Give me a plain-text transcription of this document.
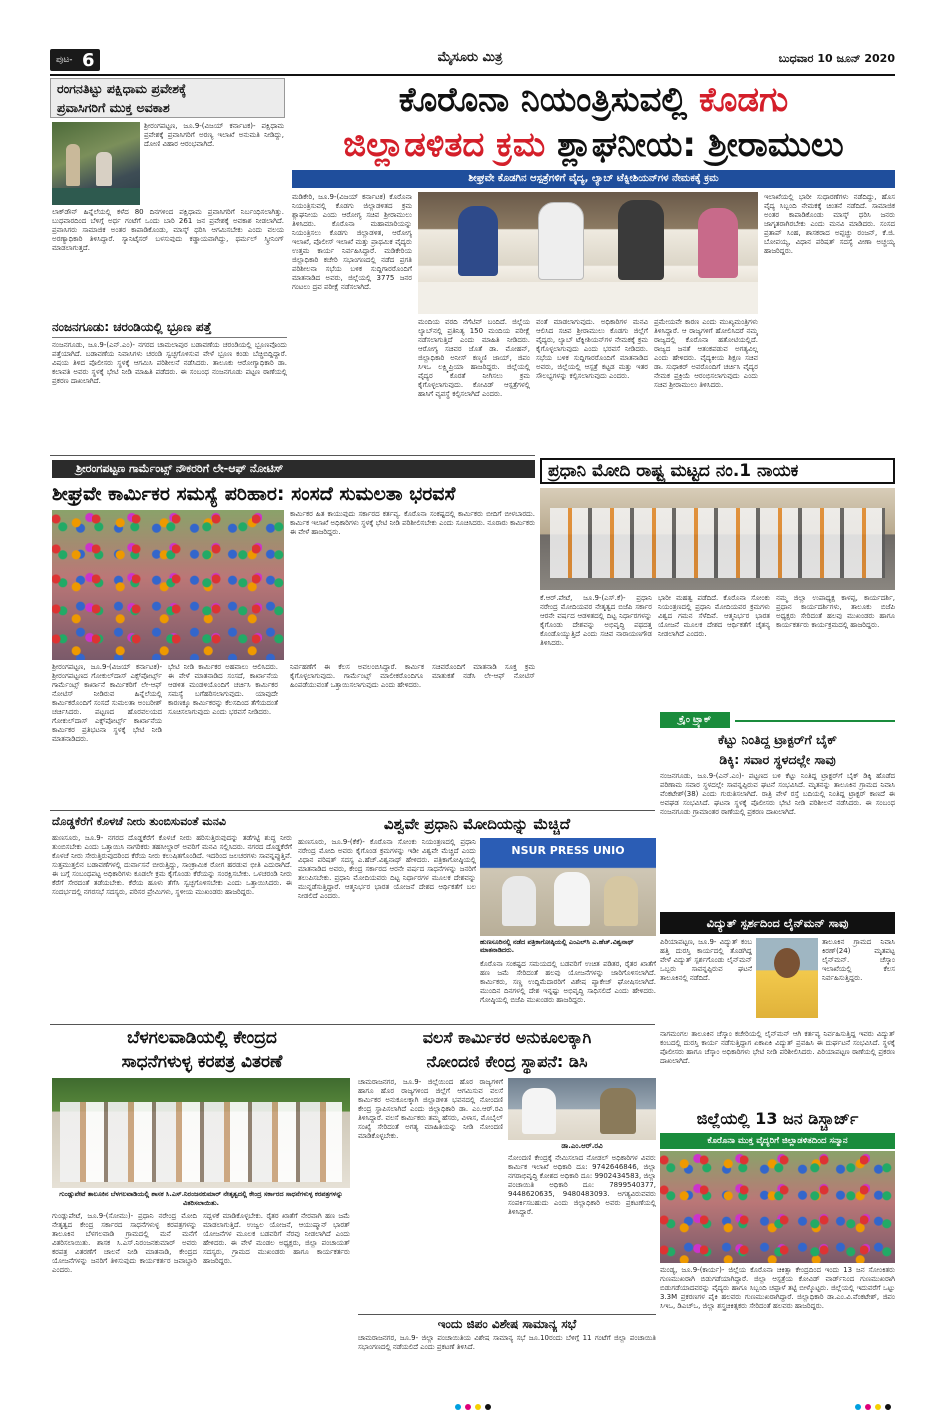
ಪುಟ- 6	ಮೈಸೂರು ಮಿತ್ರ	ಬುಧವಾರ 10 ಜೂನ್ 2020
ರಂಗನತಿಟ್ಟು ಪಕ್ಷಿಧಾಮ ಪ್ರವೇಶಕ್ಕೆ
ಪ್ರವಾಸಿಗರಿಗೆ ಮುಕ್ತ ಅವಕಾಶ
ಶ್ರೀರಂಗಪಟ್ಟಣ, ಜೂ.9-(ವಿಜಯ್ ಕರ್ನಾಟಕ)- ಪಕ್ಷಿಧಾಮ ಪ್ರವೇಶಕ್ಕೆ ಪ್ರವಾಸಿಗರಿಗೆ ಅರಣ್ಯ ಇಲಾಖೆ ಅನುಮತಿ ನೀಡಿದ್ದು, ದೋಣಿ ವಿಹಾರ ಆರಂಭವಾಗಿದೆ.
ಲಾಕ್‌ಡೌನ್ ಹಿನ್ನೆಲೆಯಲ್ಲಿ ಕಳೆದ 80 ದಿನಗಳಿಂದ ಪಕ್ಷಿಧಾಮ ಪ್ರವಾಸಿಗರಿಗೆ ನಿರ್ಬಂಧಿಸಲಾಗಿತ್ತು. ಬುಧವಾರದಿಂದ ಬೆಳಿಗ್ಗೆ ಅರ್ಧ ಗಂಟೆಗೆ ಒಂದು ಬಾರಿ 261 ಜನ ಪ್ರವೇಶಕ್ಕೆ ಅವಕಾಶ ನೀಡಲಾಗಿದೆ. ಪ್ರವಾಸಿಗರು ಸಾಮಾಜಿಕ ಅಂತರ ಕಾಪಾಡಿಕೊಂಡು, ಮಾಸ್ಕ್ ಧರಿಸಿ ಆಗಮಿಸಬೇಕು ಎಂದು ವಲಯ ಅರಣ್ಯಾಧಿಕಾರಿ ತಿಳಿಸಿದ್ದಾರೆ. ಸ್ಯಾನಿಟೈಸರ್ ಬಳಸುವುದು ಕಡ್ಡಾಯವಾಗಿದ್ದು, ಥರ್ಮಲ್ ಸ್ಕ್ರೀನಿಂಗ್ ಮಾಡಲಾಗುತ್ತದೆ.
ನಂಜನಗೂಡು: ಚರಂಡಿಯಲ್ಲಿ ಭ್ರೂಣ ಪತ್ತೆ
ನಂಜನಗೂಡು, ಜೂ.9-(ಎನ್.ಎಂ)- ನಗರದ ಚಾಮಲಾಪುರ ಬಡಾವಣೆಯ ಚರಂಡಿಯಲ್ಲಿ ಭ್ರೂಣವೊಂದು ಪತ್ತೆಯಾಗಿದೆ. ಬಡಾವಣೆಯ ನಿವಾಸಿಗಳು ಚರಂಡಿ ಸ್ವಚ್ಛಗೊಳಿಸುವ ವೇಳೆ ಭ್ರೂಣ ಕಂಡು ಬೆಚ್ಚಿಬಿದ್ದಿದ್ದಾರೆ. ವಿಷಯ ತಿಳಿದ ಪೊಲೀಸರು ಸ್ಥಳಕ್ಕೆ ಆಗಮಿಸಿ ಪರಿಶೀಲನೆ ನಡೆಸಿದರು. ತಾಲೂಕು ಆರೋಗ್ಯಾಧಿಕಾರಿ ಡಾ. ಕಲಾವತಿ ಅವರು ಸ್ಥಳಕ್ಕೆ ಭೇಟಿ ನೀಡಿ ಮಾಹಿತಿ ಪಡೆದರು. ಈ ಸಂಬಂಧ ನಂಜನಗೂಡು ಪಟ್ಟಣ ಠಾಣೆಯಲ್ಲಿ ಪ್ರಕರಣ ದಾಖಲಾಗಿದೆ.
ಕೊರೊನಾ ನಿಯಂತ್ರಿಸುವಲ್ಲಿ ಕೊಡಗು
ಜಿಲ್ಲಾಡಳಿತದ ಕ್ರಮ ಶ್ಲಾಘನೀಯ: ಶ್ರೀರಾಮುಲು
ಶೀಘ್ರವೇ ಕೊಡಗಿನ ಆಸ್ಪತ್ರೆಗಳಿಗೆ ವೈದ್ಯ, ಲ್ಯಾಬ್ ಟೆಕ್ನೀಶಿಯನ್‌ಗಳ ನೇಮಕಕ್ಕೆ ಕ್ರಮ
ಮಡಿಕೇರಿ, ಜೂ.9-(ವಿಜಯ್ ಕರ್ನಾಟಕ) ಕೊರೊನಾ ನಿಯಂತ್ರಿಸುವಲ್ಲಿ ಕೊಡಗು ಜಿಲ್ಲಾಡಳಿತದ ಕ್ರಮ ಶ್ಲಾಘನೀಯ ಎಂದು ಆರೋಗ್ಯ ಸಚಿವ ಶ್ರೀರಾಮುಲು ತಿಳಿಸಿದರು. ಕೊರೊನಾ ಮಹಾಮಾರಿಯನ್ನು ನಿಯಂತ್ರಿಸಲು ಕೊಡಗು ಜಿಲ್ಲಾಡಳಿತ, ಆರೋಗ್ಯ ಇಲಾಖೆ, ಪೊಲೀಸ್ ಇಲಾಖೆ ಮತ್ತು ಪ್ರಾಥಮಿಕ ವೈದ್ಯರು ಉತ್ತಮ ಕಾರ್ಯ ನಿರ್ವಹಿಸಿದ್ದಾರೆ. ಮಡಿಕೇರಿಯ ಜಿಲ್ಲಾಧಿಕಾರಿ ಕಚೇರಿ ಸಭಾಂಗಣದಲ್ಲಿ ನಡೆದ ಪ್ರಗತಿ ಪರಿಶೀಲನಾ ಸಭೆಯ ಬಳಿಕ ಸುದ್ದಿಗಾರರೊಂದಿಗೆ ಮಾತನಾಡಿದ ಅವರು, ಜಿಲ್ಲೆಯಲ್ಲಿ 3775 ಜನರ ಗಂಟಲು ದ್ರವ ಪರೀಕ್ಷೆ ನಡೆಸಲಾಗಿದೆ.
ಮಂದಿಯ ವರದಿ ನೆಗೆಟಿವ್ ಬಂದಿದೆ. ಜಿಲ್ಲೆಯ ಲ್ಯಾಬ್‌ನಲ್ಲಿ ಪ್ರತಿನಿತ್ಯ 150 ಮಂದಿಯ ಪರೀಕ್ಷೆ ನಡೆಸಲಾಗುತ್ತಿದೆ ಎಂದು ಮಾಹಿತಿ ನೀಡಿದರು. ಆರೋಗ್ಯ ಸಚಿವರ ಜೊತೆ ಡಾ. ಮೋಹನ್, ಜಿಲ್ಲಾಧಿಕಾರಿ ಅನೀಸ್ ಕಣ್ಮಣಿ ಜಾಯ್, ಜಿಪಂ ಸಿಇಒ ಲಕ್ಷ್ಮಿಪ್ರಿಯಾ ಹಾಜರಿದ್ದರು. ಜಿಲ್ಲೆಯಲ್ಲಿ ವೈದ್ಯರ ಕೊರತೆ ನೀಗಿಸಲು ಕ್ರಮ ಕೈಗೊಳ್ಳಲಾಗುವುದು. ಕೋವಿಡ್ ಆಸ್ಪತ್ರೆಗಳಲ್ಲಿ ಹಾಸಿಗೆ ವ್ಯವಸ್ಥೆ ಕಲ್ಪಿಸಲಾಗಿದೆ ಎಂದರು.
ವಂತೆ ಮಾಡಲಾಗುವುದು. ಅಧಿಕಾರಿಗಳ ಮನವಿ ಆಲಿಸಿದ ಸಚಿವ ಶ್ರೀರಾಮುಲು ಕೊಡಗು ಜಿಲ್ಲೆಗೆ ವೈದ್ಯರು, ಲ್ಯಾಬ್ ಟೆಕ್ನೀಶಿಯನ್‌ಗಳ ನೇಮಕಕ್ಕೆ ಕ್ರಮ ಕೈಗೊಳ್ಳಲಾಗುವುದು ಎಂದು ಭರವಸೆ ನೀಡಿದರು. ಸಭೆಯ ಬಳಿಕ ಸುದ್ದಿಗಾರರೊಂದಿಗೆ ಮಾತನಾಡಿದ ಅವರು, ಜಿಲ್ಲೆಯಲ್ಲಿ ಆಸ್ಪತ್ರೆ ಕಟ್ಟಡ ಮತ್ತು ಇತರ ಸೌಲಭ್ಯಗಳನ್ನು ಕಲ್ಪಿಸಲಾಗುವುದು ಎಂದರು.
ಪ್ರಮೇಯವೇ ಕಾರಣ ಎಂದು ಮುಖ್ಯಮಂತ್ರಿಗಳು ತಿಳಿಸಿದ್ದಾರೆ. ಆ ರಾಜ್ಯಗಳಿಗೆ ಹೋಲಿಸಿದರೆ ನಮ್ಮ ರಾಜ್ಯದಲ್ಲಿ ಕೊರೊನಾ ಹತೋಟಿಯಲ್ಲಿದೆ. ರಾಜ್ಯದ ಜನತೆ ಆತಂಕಪಡುವ ಅಗತ್ಯವಿಲ್ಲ ಎಂದು ಹೇಳಿದರು. ವೈದ್ಯಕೀಯ ಶಿಕ್ಷಣ ಸಚಿವ ಡಾ. ಸುಧಾಕರ್ ಅವರೊಂದಿಗೆ ಚರ್ಚಿಸಿ ವೈದ್ಯರ ನೇಮಕ ಪ್ರಕ್ರಿಯೆ ಆರಂಭಿಸಲಾಗುವುದು ಎಂದು ಸಚಿವ ಶ್ರೀರಾಮುಲು ತಿಳಿಸಿದರು.
ಇಲಾಖೆಯಲ್ಲಿ ಭಾರೀ ಸುಧಾರಣೆಗಳು ನಡೆದಿದ್ದು, ಹೊಸ ವೈದ್ಯ ಸಿಬ್ಬಂದಿ ನೇಮಕಕ್ಕೆ ಚಿಂತನೆ ನಡೆದಿದೆ. ಸಾಮಾಜಿಕ ಅಂತರ ಕಾಪಾಡಿಕೊಂಡು ಮಾಸ್ಕ್ ಧರಿಸಿ ಜನರು ಜಾಗೃತರಾಗಿರಬೇಕು ಎಂದು ಮನವಿ ಮಾಡಿದರು. ಸಂಸದ ಪ್ರತಾಪ್ ಸಿಂಹ, ಶಾಸಕರಾದ ಅಪ್ಪಚ್ಚು ರಂಜನ್, ಕೆ.ಜಿ. ಬೋಪಯ್ಯ, ವಿಧಾನ ಪರಿಷತ್ ಸದಸ್ಯೆ ವೀಣಾ ಅಚ್ಚಯ್ಯ ಹಾಜರಿದ್ದರು.
ಶ್ರೀರಂಗಪಟ್ಟಣ ಗಾರ್ಮೆಂಟ್ಸ್ ನೌಕರರಿಗೆ ಲೇ-ಆಫ್ ನೋಟಿಸ್
ಶೀಘ್ರವೇ ಕಾರ್ಮಿಕರ ಸಮಸ್ಯೆ ಪರಿಹಾರ: ಸಂಸದೆ ಸುಮಲತಾ ಭರವಸೆ
ಕಾರ್ಮಿಕರ ಹಿತ ಕಾಯುವುದು ಸರ್ಕಾರದ ಕರ್ತವ್ಯ. ಕೊರೊನಾ ಸಂಕಷ್ಟದಲ್ಲಿ ಕಾರ್ಮಿಕರು ಬೀದಿಗೆ ಬೀಳಬಾರದು. ಕಾರ್ಮಿಕ ಇಲಾಖೆ ಅಧಿಕಾರಿಗಳು ಸ್ಥಳಕ್ಕೆ ಭೇಟಿ ನೀಡಿ ಪರಿಶೀಲಿಸಬೇಕು ಎಂದು ಸೂಚಿಸಿದರು. ನೂರಾರು ಕಾರ್ಮಿಕರು ಈ ವೇಳೆ ಹಾಜರಿದ್ದರು.
ಶ್ರೀರಂಗಪಟ್ಟಣ, ಜೂ.9-(ವಿಜಯ್ ಕರ್ನಾಟಕ)- ಶ್ರೀರಂಗಪಟ್ಟಣದ ಗೋಕುಲ್‌ದಾಸ್ ಎಕ್ಸ್‌ಪೋರ್ಟ್ಸ್ ಗಾರ್ಮೆಂಟ್ಸ್ ಕಾರ್ಖಾನೆ ಕಾರ್ಮಿಕರಿಗೆ ಲೇ-ಆಫ್ ನೋಟಿಸ್ ನೀಡಿರುವ ಹಿನ್ನೆಲೆಯಲ್ಲಿ ಕಾರ್ಮಿಕರೊಂದಿಗೆ ಸಂಸದೆ ಸುಮಲತಾ ಅಂಬರೀಶ್ ಚರ್ಚಿಸಿದರು. ಪಟ್ಟಣದ ಹೊರವಲಯದ ಗೋಕುಲ್‌ದಾಸ್ ಎಕ್ಸ್‌ಪೋರ್ಟ್ಸ್ ಕಾರ್ಖಾನೆಯ ಕಾರ್ಮಿಕರ ಪ್ರತಿಭಟನಾ ಸ್ಥಳಕ್ಕೆ ಭೇಟಿ ನೀಡಿ ಮಾತನಾಡಿದರು.
ಭೇಟಿ ನೀಡಿ ಕಾರ್ಮಿಕರ ಅಹವಾಲು ಆಲಿಸಿದರು. ಈ ವೇಳೆ ಮಾತನಾಡಿದ ಸಂಸದೆ, ಕಾರ್ಖಾನೆಯ ಆಡಳಿತ ಮಂಡಳಿಯೊಂದಿಗೆ ಚರ್ಚಿಸಿ ಕಾರ್ಮಿಕರ ಸಮಸ್ಯೆ ಬಗೆಹರಿಸಲಾಗುವುದು. ಯಾವುದೇ ಕಾರಣಕ್ಕೂ ಕಾರ್ಮಿಕರನ್ನು ಕೆಲಸದಿಂದ ತೆಗೆಯದಂತೆ ಸೂಚಿಸಲಾಗುವುದು ಎಂದು ಭರವಸೆ ನೀಡಿದರು.
ನಿರ್ವಹಣೆಗೆ ಈ ಕೆಲಸ ಅವಲಂಬಿಸಿದ್ದಾರೆ. ಕಾರ್ಮಿಕ ಸಚಿವರೊಂದಿಗೆ ಮಾತನಾಡಿ ಸೂಕ್ತ ಕ್ರಮ ಕೈಗೊಳ್ಳಲಾಗುವುದು. ಗಾರ್ಮೆಂಟ್ಸ್ ಮಾಲೀಕರೊಂದಿಗೂ ಮಾತುಕತೆ ನಡೆಸಿ ಲೇ-ಆಫ್ ನೋಟಿಸ್ ಹಿಂಪಡೆಯುವಂತೆ ಒತ್ತಾಯಿಸಲಾಗುವುದು ಎಂದು ಹೇಳಿದರು.
ಪ್ರಧಾನಿ ಮೋದಿ ರಾಷ್ಟ್ರ ಮಟ್ಟದ ನಂ.1 ನಾಯಕ
ಕೆ.ಆರ್.ಪೇಟೆ, ಜೂ.9-(ಎಸ್.ಕೆ)- ಪ್ರಧಾನಿ ನರೇಂದ್ರ ಮೋದಿಯವರ ನೇತೃತ್ವದ ಬಿಜೆಪಿ ಸರ್ಕಾರ ಆರನೇ ವರ್ಷದ ಆಡಳಿತದಲ್ಲಿ ದಿಟ್ಟ ನಿರ್ಧಾರಗಳನ್ನು ಕೈಗೊಂಡು ದೇಶವನ್ನು ಅಭಿವೃದ್ಧಿ ಪಥದತ್ತ ಕೊಂಡೊಯ್ಯುತ್ತಿದೆ ಎಂದು ಸಚಿವ ನಾರಾಯಣಗೌಡ ತಿಳಿಸಿದರು.
ಭಾರೀ ಮಹತ್ವ ಪಡೆದಿದೆ. ಕೊರೊನಾ ಸೋಂಕು ನಿಯಂತ್ರಣದಲ್ಲಿ ಪ್ರಧಾನಿ ಮೋದಿಯವರ ಕ್ರಮಗಳು ವಿಶ್ವದ ಗಮನ ಸೆಳೆದಿವೆ. ಆತ್ಮನಿರ್ಭರ ಭಾರತ ಯೋಜನೆ ಮೂಲಕ ದೇಶದ ಆರ್ಥಿಕತೆಗೆ ಚೈತನ್ಯ ನೀಡಲಾಗಿದೆ ಎಂದರು.
ನಮ್ಮ ಜಿಲ್ಲಾ ಉಪಾಧ್ಯಕ್ಷ ಕಾಳಪ್ಪ, ಕಾರ್ಯದರ್ಶಿ, ಪ್ರಧಾನ ಕಾರ್ಯದರ್ಶಿಗಳು, ತಾಲೂಕು ಬಿಜೆಪಿ ಅಧ್ಯಕ್ಷರು ಸೇರಿದಂತೆ ಹಲವು ಮುಖಂಡರು ಹಾಗೂ ಕಾರ್ಯಕರ್ತರು ಕಾರ್ಯಕ್ರಮದಲ್ಲಿ ಹಾಜರಿದ್ದರು.
ಕ್ರೈಂ ಟ್ರ್ಯಾಕ್
ಕೆಟ್ಟು ನಿಂತಿದ್ದ ಟ್ರಾಕ್ಟರ್‌ಗೆ ಬೈಕ್
ಡಿಕ್ಕಿ: ಸವಾರ ಸ್ಥಳದಲ್ಲೇ ಸಾವು
ನಂಜನಗೂಡು, ಜೂ.9-(ಎನ್.ಎಂ)- ಪಟ್ಟಣದ ಬಳಿ ಕೆಟ್ಟು ನಿಂತಿದ್ದ ಟ್ರಾಕ್ಟರ್‌ಗೆ ಬೈಕ್ ಡಿಕ್ಕಿ ಹೊಡೆದ ಪರಿಣಾಮ ಸವಾರ ಸ್ಥಳದಲ್ಲೇ ಸಾವನ್ನಪ್ಪಿರುವ ಘಟನೆ ಸಂಭವಿಸಿದೆ. ಮೃತನನ್ನು ತಾಲೂಕಿನ ಗ್ರಾಮದ ನಿವಾಸಿ ವೆಂಕಟೇಶ್(38) ಎಂದು ಗುರುತಿಸಲಾಗಿದೆ. ರಾತ್ರಿ ವೇಳೆ ರಸ್ತೆ ಬದಿಯಲ್ಲಿ ನಿಂತಿದ್ದ ಟ್ರಾಕ್ಟರ್ ಕಾಣದೆ ಈ ಅವಘಡ ಸಂಭವಿಸಿದೆ. ಘಟನಾ ಸ್ಥಳಕ್ಕೆ ಪೊಲೀಸರು ಭೇಟಿ ನೀಡಿ ಪರಿಶೀಲನೆ ನಡೆಸಿದರು. ಈ ಸಂಬಂಧ ನಂಜನಗೂಡು ಗ್ರಾಮಾಂತರ ಠಾಣೆಯಲ್ಲಿ ಪ್ರಕರಣ ದಾಖಲಾಗಿದೆ.
ವಿದ್ಯುತ್ ಸ್ಪರ್ಶದಿಂದ ಲೈನ್‌ಮನ್ ಸಾವು
ಪಿರಿಯಾಪಟ್ಟಣ, ಜೂ.9- ವಿದ್ಯುತ್ ಕಂಬ ಹತ್ತಿ ದುರಸ್ತಿ ಕಾರ್ಯದಲ್ಲಿ ತೊಡಗಿದ್ದ ವೇಳೆ ವಿದ್ಯುತ್ ಸ್ಪರ್ಶಗೊಂಡು ಲೈನ್‌ಮನ್ ಒಬ್ಬರು ಸಾವನ್ನಪ್ಪಿರುವ ಘಟನೆ ತಾಲೂಕಿನಲ್ಲಿ ನಡೆದಿದೆ.
ತಾಲೂಕಿನ ಗ್ರಾಮದ ನಿವಾಸಿ ಕಿರಣ್(24) ಮೃತಪಟ್ಟ ಲೈನ್‌ಮನ್. ಚೆಸ್ಕಾಂ ಇಲಾಖೆಯಲ್ಲಿ ಕೆಲಸ ನಿರ್ವಹಿಸುತ್ತಿದ್ದರು.
ನಾಗಮಂಗಲ ತಾಲೂಕಿನ ಚೆಸ್ಕಾಂ ಕಚೇರಿಯಲ್ಲಿ ಲೈನ್‌ಮನ್ ಆಗಿ ಕರ್ತವ್ಯ ನಿರ್ವಹಿಸುತ್ತಿದ್ದ ಇವರು ವಿದ್ಯುತ್ ಕಂಬದಲ್ಲಿ ದುರಸ್ತಿ ಕಾರ್ಯ ನಡೆಸುತ್ತಿದ್ದಾಗ ಏಕಾಏಕಿ ವಿದ್ಯುತ್ ಪ್ರವಹಿಸಿ ಈ ದುರ್ಘಟನೆ ಸಂಭವಿಸಿದೆ. ಸ್ಥಳಕ್ಕೆ ಪೊಲೀಸರು ಹಾಗೂ ಚೆಸ್ಕಾಂ ಅಧಿಕಾರಿಗಳು ಭೇಟಿ ನೀಡಿ ಪರಿಶೀಲಿಸಿದರು. ಪಿರಿಯಾಪಟ್ಟಣ ಠಾಣೆಯಲ್ಲಿ ಪ್ರಕರಣ ದಾಖಲಾಗಿದೆ.
ದೊಡ್ಡಕೆರೆಗೆ ಕೊಳಚೆ ನೀರು ತುಂಬಿಸುವಂತೆ ಮನವಿ
ಹುಣಸೂರು, ಜೂ.9- ನಗರದ ದೊಡ್ಡಕೆರೆಗೆ ಕೊಳಚೆ ನೀರು ಹರಿಸುತ್ತಿರುವುದನ್ನು ತಡೆಗಟ್ಟಿ ಶುದ್ಧ ನೀರು ತುಂಬಿಸಬೇಕು ಎಂದು ಒತ್ತಾಯಿಸಿ ನಾಗರಿಕರು ತಹಸೀಲ್ದಾರ್ ಅವರಿಗೆ ಮನವಿ ಸಲ್ಲಿಸಿದರು. ನಗರದ ದೊಡ್ಡಕೆರೆಗೆ ಕೊಳಚೆ ನೀರು ಸೇರುತ್ತಿರುವುದರಿಂದ ಕೆರೆಯ ನೀರು ಕಲುಷಿತಗೊಂಡಿದೆ. ಇದರಿಂದ ಜಲಚರಗಳು ಸಾವನ್ನಪ್ಪುತ್ತಿವೆ. ಸುತ್ತಮುತ್ತಲಿನ ಬಡಾವಣೆಗಳಲ್ಲಿ ದುರ್ವಾಸನೆ ಬೀರುತ್ತಿದ್ದು, ಸಾಂಕ್ರಾಮಿಕ ರೋಗ ಹರಡುವ ಭೀತಿ ಎದುರಾಗಿದೆ. ಈ ಬಗ್ಗೆ ಸಂಬಂಧಪಟ್ಟ ಅಧಿಕಾರಿಗಳು ಕೂಡಲೇ ಕ್ರಮ ಕೈಗೊಂಡು ಕೆರೆಯನ್ನು ಸಂರಕ್ಷಿಸಬೇಕು. ಒಳಚರಂಡಿ ನೀರು ಕೆರೆಗೆ ಸೇರದಂತೆ ತಡೆಯಬೇಕು. ಕೆರೆಯ ಹೂಳು ತೆಗೆಸಿ ಸ್ವಚ್ಛಗೊಳಿಸಬೇಕು ಎಂದು ಒತ್ತಾಯಿಸಿದರು. ಈ ಸಂದರ್ಭದಲ್ಲಿ ನಗರಸಭೆ ಸದಸ್ಯರು, ಪರಿಸರ ಪ್ರೇಮಿಗಳು, ಸ್ಥಳೀಯ ಮುಖಂಡರು ಹಾಜರಿದ್ದರು.
ವಿಶ್ವವೇ ಪ್ರಧಾನಿ ಮೋದಿಯನ್ನು ಮೆಚ್ಚಿದೆ
ಹುಣಸೂರು, ಜೂ.9-(ಕೆಕೆ)- ಕೊರೊನಾ ಸೋಂಕು ನಿಯಂತ್ರಣದಲ್ಲಿ ಪ್ರಧಾನಿ ನರೇಂದ್ರ ಮೋದಿ ಅವರು ಕೈಗೊಂಡ ಕ್ರಮಗಳನ್ನು ಇಡೀ ವಿಶ್ವವೇ ಮೆಚ್ಚಿದೆ ಎಂದು ವಿಧಾನ ಪರಿಷತ್ ಸದಸ್ಯ ಎ.ಹೆಚ್.ವಿಶ್ವನಾಥ್ ಹೇಳಿದರು. ಪತ್ರಿಕಾಗೋಷ್ಠಿಯಲ್ಲಿ ಮಾತನಾಡಿದ ಅವರು, ಕೇಂದ್ರ ಸರ್ಕಾರದ ಆರನೇ ವರ್ಷದ ಸಾಧನೆಗಳನ್ನು ಜನರಿಗೆ ತಲುಪಿಸಬೇಕು. ಪ್ರಧಾನಿ ಮೋದಿಯವರು ದಿಟ್ಟ ನಿರ್ಧಾರಗಳ ಮೂಲಕ ದೇಶವನ್ನು ಮುನ್ನಡೆಸುತ್ತಿದ್ದಾರೆ. ಆತ್ಮನಿರ್ಭರ ಭಾರತ ಯೋಜನೆ ದೇಶದ ಆರ್ಥಿಕತೆಗೆ ಬಲ ನೀಡಲಿದೆ ಎಂದರು.
NSUR PRESS UNIO
ಹುಣಸೂರಿನಲ್ಲಿ ನಡೆದ ಪತ್ರಿಕಾಗೋಷ್ಠಿಯಲ್ಲಿ ಎಂಎಲ್‌ಸಿ ಎ.ಹೆಚ್.ವಿಶ್ವನಾಥ್ ಮಾತನಾಡಿದರು.
ಕೊರೊನಾ ಸಂಕಷ್ಟದ ಸಮಯದಲ್ಲಿ ಬಡವರಿಗೆ ಉಚಿತ ಪಡಿತರ, ರೈತರ ಖಾತೆಗೆ ಹಣ ಜಮೆ ಸೇರಿದಂತೆ ಹಲವು ಯೋಜನೆಗಳನ್ನು ಜಾರಿಗೊಳಿಸಲಾಗಿದೆ. ಕಾರ್ಮಿಕರು, ಸಣ್ಣ ಉದ್ದಿಮೆದಾರರಿಗೆ ವಿಶೇಷ ಪ್ಯಾಕೇಜ್ ಘೋಷಿಸಲಾಗಿದೆ. ಮುಂದಿನ ದಿನಗಳಲ್ಲಿ ದೇಶ ಇನ್ನಷ್ಟು ಅಭಿವೃದ್ಧಿ ಸಾಧಿಸಲಿದೆ ಎಂದು ಹೇಳಿದರು. ಗೋಷ್ಠಿಯಲ್ಲಿ ಬಿಜೆಪಿ ಮುಖಂಡರು ಹಾಜರಿದ್ದರು.
ಬೆಳಗಲವಾಡಿಯಲ್ಲಿ ಕೇಂದ್ರದ
ಸಾಧನೆಗಳುಳ್ಳ ಕರಪತ್ರ ವಿತರಣೆ
ಗುಂಡ್ಲುಪೇಟೆ ತಾಲೂಕಿನ ಬೆಳಗಲವಾಡಿಯಲ್ಲಿ ಶಾಸಕ ಸಿ.ಎಸ್.ನಿರಂಜನಕುಮಾರ್ ನೇತೃತ್ವದಲ್ಲಿ ಕೇಂದ್ರ ಸರ್ಕಾರದ ಸಾಧನೆಗಳುಳ್ಳ ಕರಪತ್ರಗಳನ್ನು ವಿತರಿಸಲಾಯಿತು.
ಗುಂಡ್ಲುಪೇಟೆ, ಜೂ.9-(ಸೋಮು)- ಪ್ರಧಾನಿ ನರೇಂದ್ರ ಮೋದಿ ನೇತೃತ್ವದ ಕೇಂದ್ರ ಸರ್ಕಾರದ ಸಾಧನೆಗಳುಳ್ಳ ಕರಪತ್ರಗಳನ್ನು ತಾಲೂಕಿನ ಬೆಳಗಲವಾಡಿ ಗ್ರಾಮದಲ್ಲಿ ಮನೆ ಮನೆಗೆ ವಿತರಿಸಲಾಯಿತು. ಶಾಸಕ ಸಿ.ಎಸ್.ನಿರಂಜನಕುಮಾರ್ ಅವರು ಕರಪತ್ರ ವಿತರಣೆಗೆ ಚಾಲನೆ ನೀಡಿ ಮಾತನಾಡಿ, ಕೇಂದ್ರದ ಯೋಜನೆಗಳನ್ನು ಜನರಿಗೆ ತಿಳಿಸುವುದು ಕಾರ್ಯಕರ್ತರ ಜವಾಬ್ದಾರಿ ಎಂದರು.
ಸದ್ಬಳಕೆ ಮಾಡಿಕೊಳ್ಳಬೇಕು. ರೈತರ ಖಾತೆಗೆ ನೇರವಾಗಿ ಹಣ ಜಮೆ ಮಾಡಲಾಗುತ್ತಿದೆ. ಉಜ್ವಲ ಯೋಜನೆ, ಆಯುಷ್ಮಾನ್ ಭಾರತ್ ಯೋಜನೆಗಳ ಮೂಲಕ ಬಡವರಿಗೆ ನೆರವು ನೀಡಲಾಗಿದೆ ಎಂದು ಹೇಳಿದರು. ಈ ವೇಳೆ ಮಂಡಲ ಅಧ್ಯಕ್ಷರು, ಜಿಲ್ಲಾ ಪಂಚಾಯತ್ ಸದಸ್ಯರು, ಗ್ರಾಮದ ಮುಖಂಡರು ಹಾಗೂ ಕಾರ್ಯಕರ್ತರು ಹಾಜರಿದ್ದರು.
ವಲಸೆ ಕಾರ್ಮಿಕರ ಅನುಕೂಲಕ್ಕಾಗಿ
ನೋಂದಣಿ ಕೇಂದ್ರ ಸ್ಥಾಪನೆ: ಡಿಸಿ
ಚಾಮರಾಜನಗರ, ಜೂ.9- ಜಿಲ್ಲೆಯಿಂದ ಹೊರ ರಾಜ್ಯಗಳಿಗೆ ಹಾಗೂ ಹೊರ ರಾಜ್ಯಗಳಿಂದ ಜಿಲ್ಲೆಗೆ ಆಗಮಿಸುವ ವಲಸೆ ಕಾರ್ಮಿಕರ ಅನುಕೂಲಕ್ಕಾಗಿ ಜಿಲ್ಲಾಡಳಿತ ಭವನದಲ್ಲಿ ನೋಂದಣಿ ಕೇಂದ್ರ ಸ್ಥಾಪಿಸಲಾಗಿದೆ ಎಂದು ಜಿಲ್ಲಾಧಿಕಾರಿ ಡಾ. ಎಂ.ಆರ್.ರವಿ ತಿಳಿಸಿದ್ದಾರೆ. ವಲಸೆ ಕಾರ್ಮಿಕರು ತಮ್ಮ ಹೆಸರು, ವಿಳಾಸ, ಮೊಬೈಲ್ ಸಂಖ್ಯೆ ಸೇರಿದಂತೆ ಅಗತ್ಯ ಮಾಹಿತಿಯನ್ನು ನೀಡಿ ನೋಂದಣಿ ಮಾಡಿಕೊಳ್ಳಬೇಕು.
ಡಾ.ಎಂ.ಆರ್.ರವಿ
ನೋಂದಣಿ ಕೇಂದ್ರಕ್ಕೆ ನೇಮಿಸಲಾದ ನೋಡಲ್ ಅಧಿಕಾರಿಗಳ ವಿವರ: ಕಾರ್ಮಿಕ ಇಲಾಖೆ ಅಧಿಕಾರಿ ದೂ: 9742646846, ಜಿಲ್ಲಾ ನಗರಾಭಿವೃದ್ಧಿ ಕೋಶದ ಅಧಿಕಾರಿ ದೂ: 9902434583, ಜಿಲ್ಲಾ ಪಂಚಾಯಿತಿ ಅಧಿಕಾರಿ ದೂ: 7899540377, 9448620635, 9480483093. ಅಗತ್ಯವಿರುವವರು ಸಂಪರ್ಕಿಸಬಹುದು ಎಂದು ಜಿಲ್ಲಾಧಿಕಾರಿ ಅವರು ಪ್ರಕಟಣೆಯಲ್ಲಿ ತಿಳಿಸಿದ್ದಾರೆ.
ಇಂದು ಜಿಪಂ ವಿಶೇಷ ಸಾಮಾನ್ಯ ಸಭೆ
ಚಾಮರಾಜನಗರ, ಜೂ.9- ಜಿಲ್ಲಾ ಪಂಚಾಯಿತಿಯ ವಿಶೇಷ ಸಾಮಾನ್ಯ ಸಭೆ ಜೂ.10ರಂದು ಬೆಳಿಗ್ಗೆ 11 ಗಂಟೆಗೆ ಜಿಲ್ಲಾ ಪಂಚಾಯಿತಿ ಸಭಾಂಗಣದಲ್ಲಿ ನಡೆಯಲಿದೆ ಎಂದು ಪ್ರಕಟಣೆ ತಿಳಿಸಿದೆ.
ಜಿಲ್ಲೆಯಲ್ಲಿ 13 ಜನ ಡಿಸ್ಚಾರ್ಜ್
ಕೊರೊನಾ ಮುಕ್ತ ವೈದ್ಯರಿಗೆ ಜಿಲ್ಲಾಡಳಿತದಿಂದ ಸನ್ಮಾನ
ಮಂಡ್ಯ, ಜೂ.9-(ಕಾರ್ಯ)- ಜಿಲ್ಲೆಯ ಕೊರೊನಾ ಚಿಕಿತ್ಸಾ ಕೇಂದ್ರದಿಂದ ಇಂದು 13 ಜನ ಸೋಂಕಿತರು ಗುಣಮುಖರಾಗಿ ಬಿಡುಗಡೆಯಾಗಿದ್ದಾರೆ. ಜಿಲ್ಲಾ ಆಸ್ಪತ್ರೆಯ ಕೋವಿಡ್ ವಾರ್ಡ್‌ನಿಂದ ಗುಣಮುಖರಾಗಿ ಬಿಡುಗಡೆಯಾದವರನ್ನು ವೈದ್ಯರು ಹಾಗೂ ಸಿಬ್ಬಂದಿ ಚಪ್ಪಾಳೆ ತಟ್ಟಿ ಬೀಳ್ಕೊಟ್ಟರು. ಜಿಲ್ಲೆಯಲ್ಲಿ ಇದುವರೆಗೆ ಒಟ್ಟು 3.3M ಪ್ರಕರಣಗಳ ಪೈಕಿ ಹಲವರು ಗುಣಮುಖರಾಗಿದ್ದಾರೆ. ಜಿಲ್ಲಾಧಿಕಾರಿ ಡಾ.ಎಂ.ವಿ.ವೆಂಕಟೇಶ್, ಜಿಪಂ ಸಿಇಒ, ಡಿಎಚ್‌ಒ, ಜಿಲ್ಲಾ ಶಸ್ತ್ರಚಿಕಿತ್ಸಕರು ಸೇರಿದಂತೆ ಹಲವರು ಹಾಜರಿದ್ದರು.
